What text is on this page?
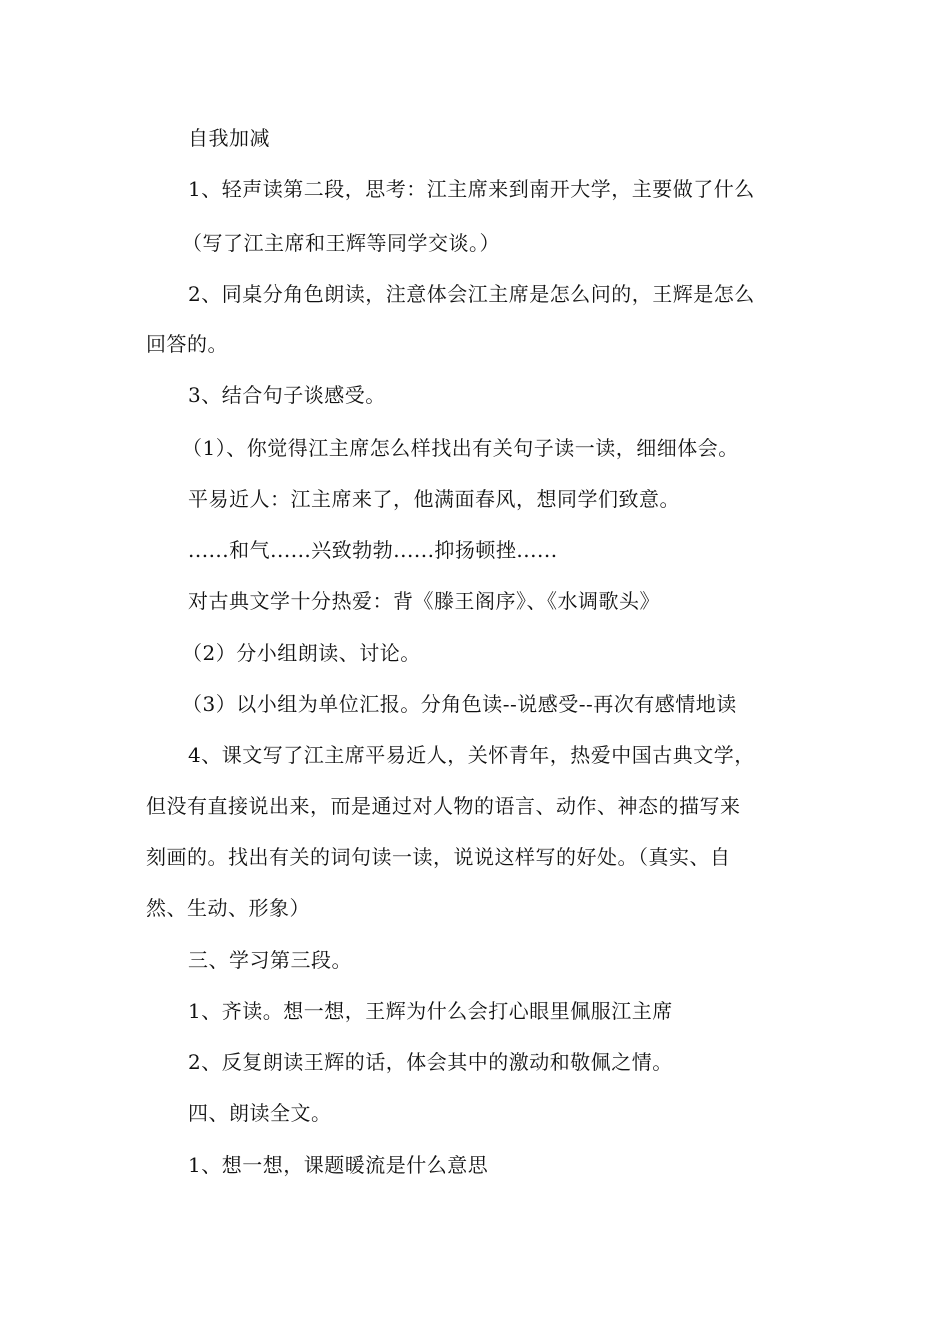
自我加减
1、轻声读第二段，思考：江主席来到南开大学，主要做了什么
（写了江主席和王辉等同学交谈。）
2、同桌分角色朗读，注意体会江主席是怎么问的，王辉是怎么
回答的。
3、结合句子谈感受。
（1）、你觉得江主席怎么样找出有关句子读一读，细细体会。
平易近人：江主席来了，他满面春风，想同学们致意。
......和气......兴致勃勃......抑扬顿挫......
对古典文学十分热爱：背《滕王阁序》、《水调歌头》
（2）分小组朗读、讨论。
（3）以小组为单位汇报。分角色读--说感受--再次有感情地读
4、课文写了江主席平易近人，关怀青年，热爱中国古典文学，
但没有直接说出来，而是通过对人物的语言、动作、神态的描写来
刻画的。找出有关的词句读一读，说说这样写的好处。（真实、自
然、生动、形象）
三、学习第三段。
1、齐读。想一想，王辉为什么会打心眼里佩服江主席
2、反复朗读王辉的话，体会其中的激动和敬佩之情。
四、朗读全文。
1、想一想，课题暖流是什么意思
